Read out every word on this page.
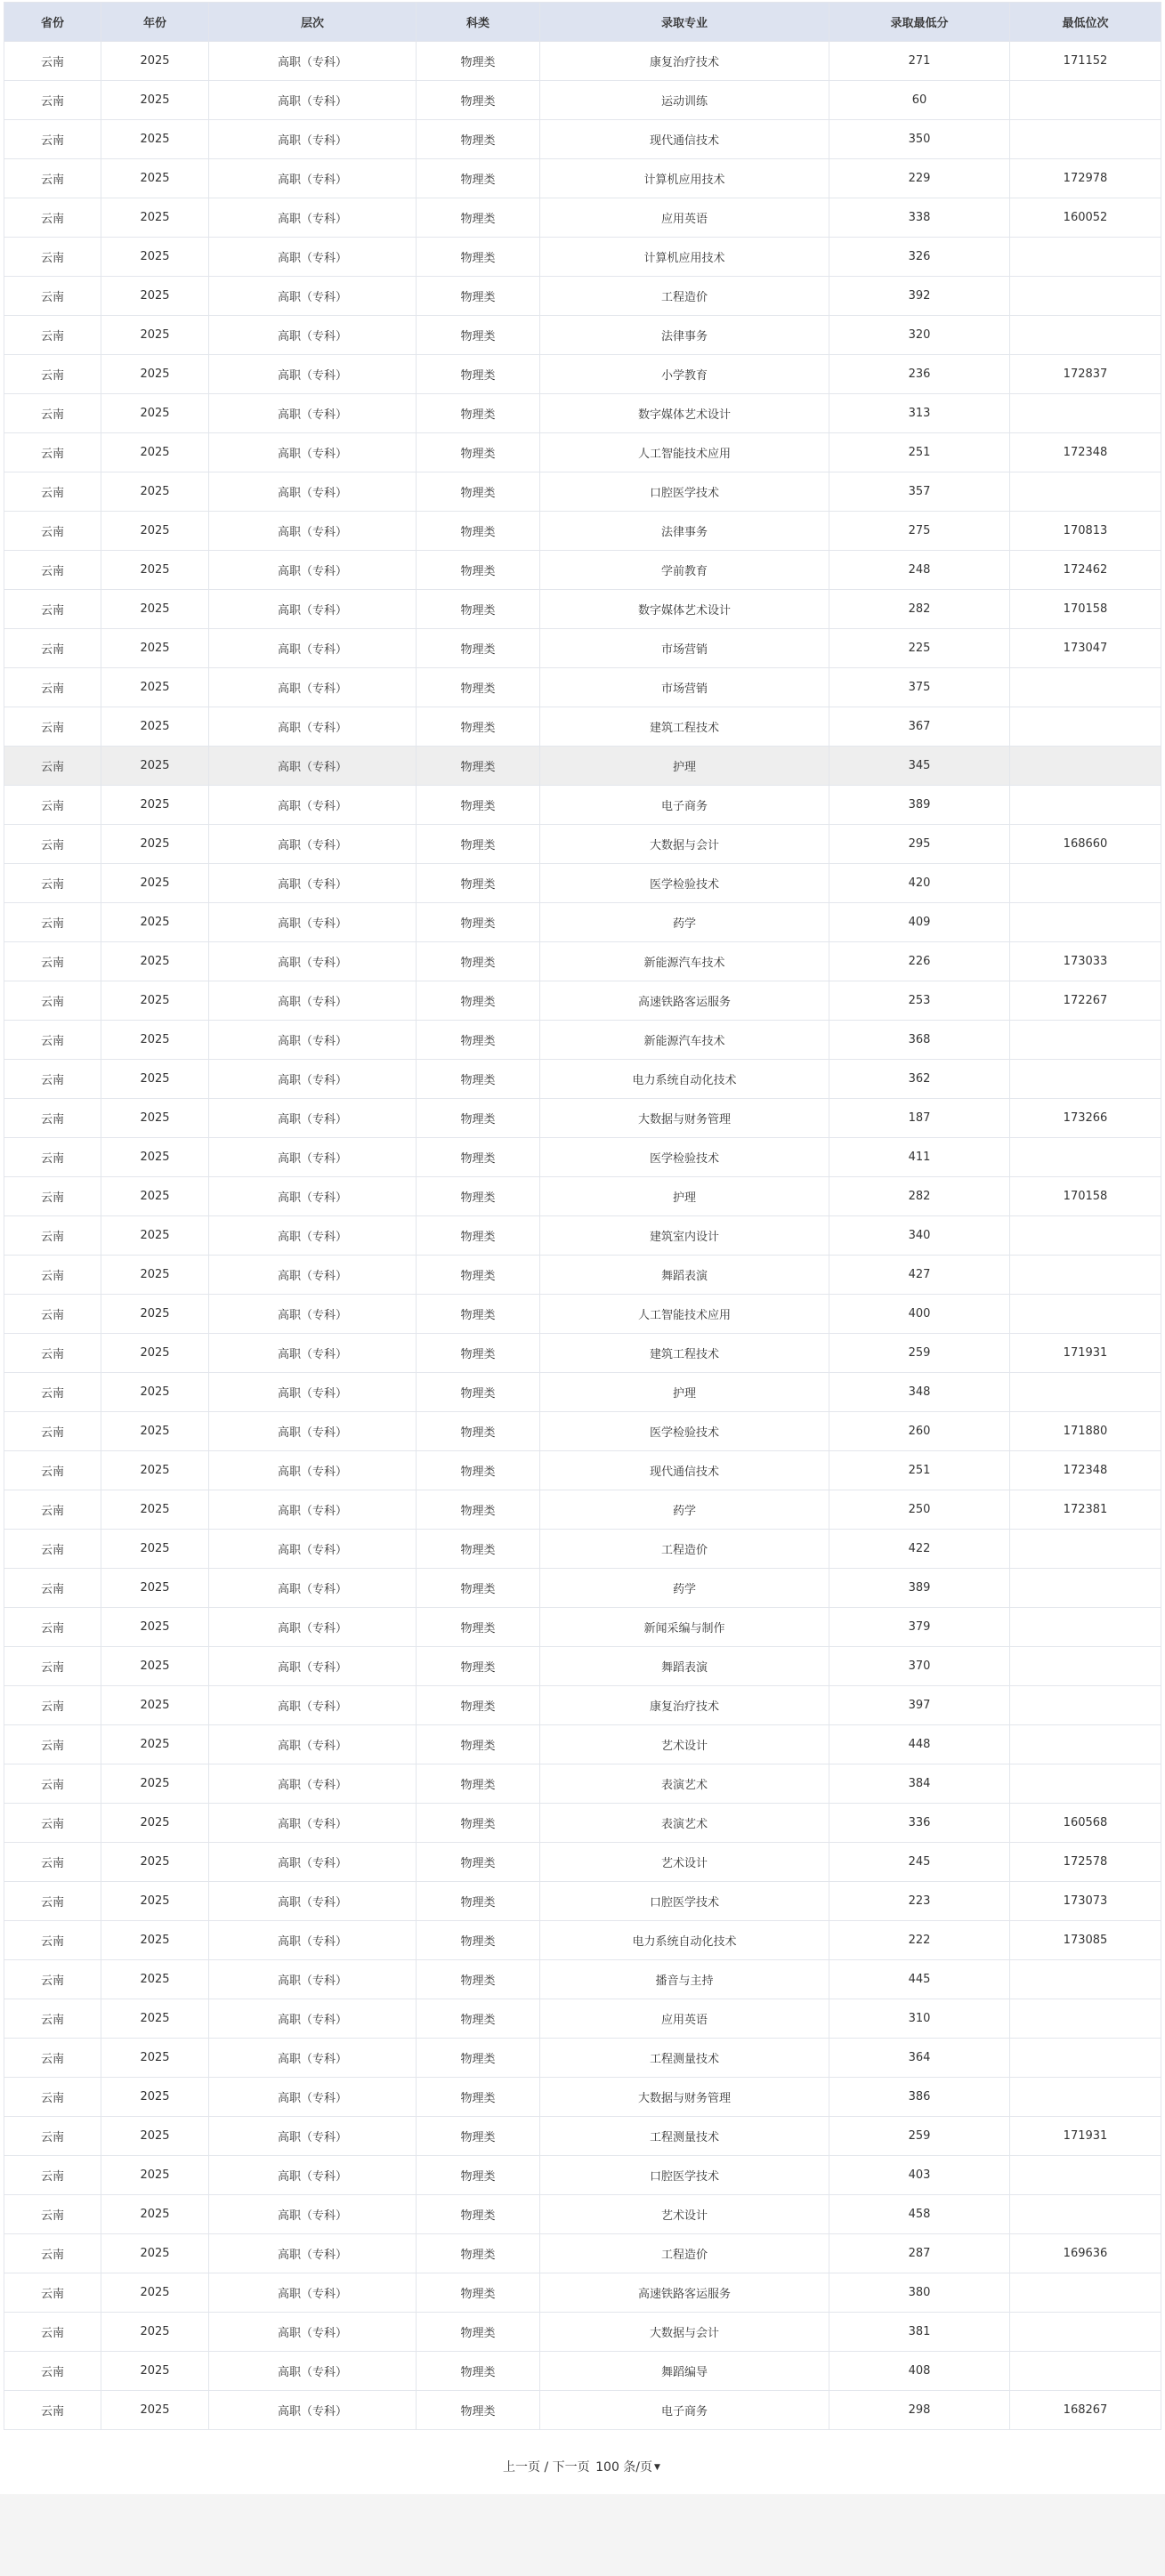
省份	年份	层次	科类	录取专业	录取最低分	最低位次
云南	2025	高职（专科）	物理类	康复治疗技术	271	171152
云南	2025	高职（专科）	物理类	运动训练	60	
云南	2025	高职（专科）	物理类	现代通信技术	350	
云南	2025	高职（专科）	物理类	计算机应用技术	229	172978
云南	2025	高职（专科）	物理类	应用英语	338	160052
云南	2025	高职（专科）	物理类	计算机应用技术	326	
云南	2025	高职（专科）	物理类	工程造价	392	
云南	2025	高职（专科）	物理类	法律事务	320	
云南	2025	高职（专科）	物理类	小学教育	236	172837
云南	2025	高职（专科）	物理类	数字媒体艺术设计	313	
云南	2025	高职（专科）	物理类	人工智能技术应用	251	172348
云南	2025	高职（专科）	物理类	口腔医学技术	357	
云南	2025	高职（专科）	物理类	法律事务	275	170813
云南	2025	高职（专科）	物理类	学前教育	248	172462
云南	2025	高职（专科）	物理类	数字媒体艺术设计	282	170158
云南	2025	高职（专科）	物理类	市场营销	225	173047
云南	2025	高职（专科）	物理类	市场营销	375	
云南	2025	高职（专科）	物理类	建筑工程技术	367	
云南	2025	高职（专科）	物理类	护理	345	
云南	2025	高职（专科）	物理类	电子商务	389	
云南	2025	高职（专科）	物理类	大数据与会计	295	168660
云南	2025	高职（专科）	物理类	医学检验技术	420	
云南	2025	高职（专科）	物理类	药学	409	
云南	2025	高职（专科）	物理类	新能源汽车技术	226	173033
云南	2025	高职（专科）	物理类	高速铁路客运服务	253	172267
云南	2025	高职（专科）	物理类	新能源汽车技术	368	
云南	2025	高职（专科）	物理类	电力系统自动化技术	362	
云南	2025	高职（专科）	物理类	大数据与财务管理	187	173266
云南	2025	高职（专科）	物理类	医学检验技术	411	
云南	2025	高职（专科）	物理类	护理	282	170158
云南	2025	高职（专科）	物理类	建筑室内设计	340	
云南	2025	高职（专科）	物理类	舞蹈表演	427	
云南	2025	高职（专科）	物理类	人工智能技术应用	400	
云南	2025	高职（专科）	物理类	建筑工程技术	259	171931
云南	2025	高职（专科）	物理类	护理	348	
云南	2025	高职（专科）	物理类	医学检验技术	260	171880
云南	2025	高职（专科）	物理类	现代通信技术	251	172348
云南	2025	高职（专科）	物理类	药学	250	172381
云南	2025	高职（专科）	物理类	工程造价	422	
云南	2025	高职（专科）	物理类	药学	389	
云南	2025	高职（专科）	物理类	新闻采编与制作	379	
云南	2025	高职（专科）	物理类	舞蹈表演	370	
云南	2025	高职（专科）	物理类	康复治疗技术	397	
云南	2025	高职（专科）	物理类	艺术设计	448	
云南	2025	高职（专科）	物理类	表演艺术	384	
云南	2025	高职（专科）	物理类	表演艺术	336	160568
云南	2025	高职（专科）	物理类	艺术设计	245	172578
云南	2025	高职（专科）	物理类	口腔医学技术	223	173073
云南	2025	高职（专科）	物理类	电力系统自动化技术	222	173085
云南	2025	高职（专科）	物理类	播音与主持	445	
云南	2025	高职（专科）	物理类	应用英语	310	
云南	2025	高职（专科）	物理类	工程测量技术	364	
云南	2025	高职（专科）	物理类	大数据与财务管理	386	
云南	2025	高职（专科）	物理类	工程测量技术	259	171931
云南	2025	高职（专科）	物理类	口腔医学技术	403	
云南	2025	高职（专科）	物理类	艺术设计	458	
云南	2025	高职（专科）	物理类	工程造价	287	169636
云南	2025	高职（专科）	物理类	高速铁路客运服务	380	
云南	2025	高职（专科）	物理类	大数据与会计	381	
云南	2025	高职（专科）	物理类	舞蹈编导	408	
云南	2025	高职（专科）	物理类	电子商务	298	168267
上一页 / 下一页 100 条/页 ▼
